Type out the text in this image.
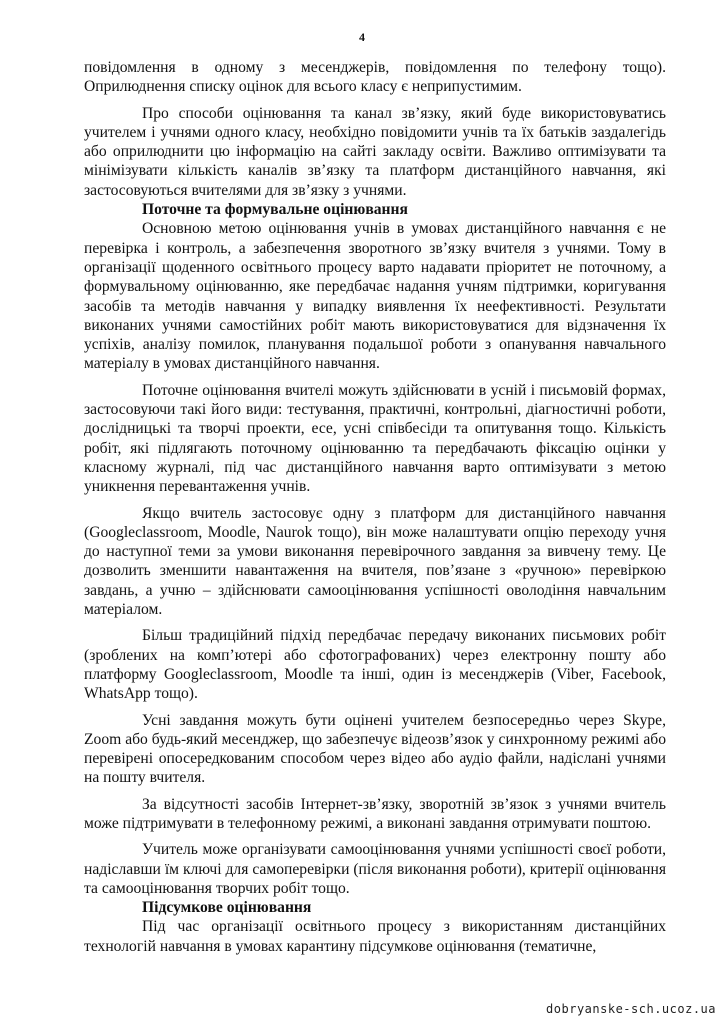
4

повідомлення в одному з месенджерів, повідомлення по телефону тощо). Оприлюднення списку оцінок для всього класу є неприпустимим.

Про способи оцінювання та канал зв’язку, який буде використовуватись учителем і учнями одного класу, необхідно повідомити учнів та їх батьків заздалегідь або оприлюднити цю інформацію на сайті закладу освіти. Важливо оптимізувати та мінімізувати кількість каналів зв’язку та платформ дистанційного навчання, які застосовуються вчителями для зв’язку з учнями.

Поточне та формувальне оцінювання

Основною метою оцінювання учнів в умовах дистанційного навчання є не перевірка і контроль, а забезпечення зворотного зв’язку вчителя з учнями. Тому в організації щоденного освітнього процесу варто надавати пріоритет не поточному, а формувальному оцінюванню, яке передбачає надання учням підтримки, коригування засобів та методів навчання у випадку виявлення їх неефективності. Результати виконаних учнями самостійних робіт мають використовуватися для відзначення їх успіхів, аналізу помилок, планування подальшої роботи з опанування навчального матеріалу в умовах дистанційного навчання.

Поточне оцінювання вчителі можуть здійснювати в усній і письмовій формах, застосовуючи такі його види: тестування, практичні, контрольні, діагностичні роботи, дослідницькі та творчі проекти, есе, усні співбесіди та опитування тощо. Кількість робіт, які підлягають поточному оцінюванню та передбачають фіксацію оцінки у класному журналі, під час дистанційного навчання варто оптимізувати з метою уникнення перевантаження учнів.

Якщо вчитель застосовує одну з платформ для дистанційного навчання (Googleclassroom, Moodle, Naurok тощо), він може налаштувати опцію переходу учня до наступної теми за умови виконання перевірочного завдання за вивчену тему. Це дозволить зменшити навантаження на вчителя, пов’язане з «ручною» перевіркою завдань, а учню – здійснювати самооцінювання успішності оволодіння навчальним матеріалом.

Більш традиційний підхід передбачає передачу виконаних письмових робіт (зроблених на комп’ютері або сфотографованих) через електронну пошту або платформу Googleclassroom, Moodle та інші, один із месенджерів (Viber, Facebook, WhatsApp тощо).

Усні завдання можуть бути оцінені учителем безпосередньо через Skype, Zoom або будь-який месенджер, що забезпечує відеозв’язок у синхронному режимі або перевірені опосередкованим способом через відео або аудіо файли, надіслані учнями на пошту вчителя.

За відсутності засобів Інтернет-зв’язку, зворотній зв’язок з учнями вчитель може підтримувати в телефонному режимі, а виконані завдання отримувати поштою.

Учитель може організувати самооцінювання учнями успішності своєї роботи, надіславши їм ключі для самоперевірки (після виконання роботи), критерії оцінювання та самооцінювання творчих робіт тощо.

Підсумкове оцінювання

Під час організації освітнього процесу з використанням дистанційних технологій навчання в умовах карантину підсумкове оцінювання (тематичне,

dobryanske-sch.ucoz.ua
